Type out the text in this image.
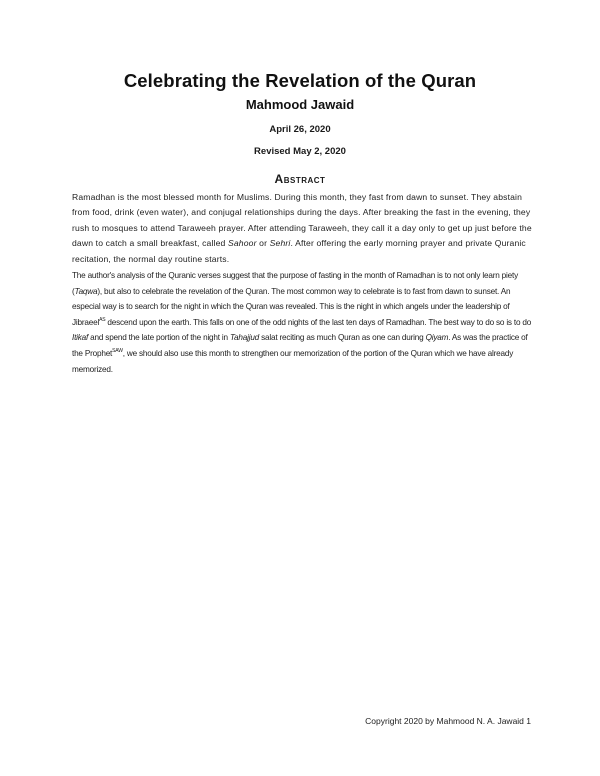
Celebrating the Revelation of the Quran
Mahmood Jawaid
April 26, 2020
Revised May 2, 2020
Abstract
Ramadhan is the most blessed month for Muslims. During this month, they fast from dawn to sunset. They abstain from food, drink (even water), and conjugal relationships during the days. After breaking the fast in the evening, they rush to mosques to attend Taraweeh prayer. After attending Taraweeh, they call it a day only to get up just before the dawn to catch a small breakfast, called Sahoor or Sehri. After offering the early morning prayer and private Quranic recitation, the normal day routine starts.
The author's analysis of the Quranic verses suggest that the purpose of fasting in the month of Ramadhan is to not only learn piety (Taqwa), but also to celebrate the revelation of the Quran. The most common way to celebrate is to fast from dawn to sunset. An especial way is to search for the night in which the Quran was revealed. This is the night in which angels under the leadership of Jibraeel$^{AS}$ descend upon the earth. This falls on one of the odd nights of the last ten days of Ramadhan. The best way to do so is to do Itikaf and spend the late portion of the night in Tahajjud salat reciting as much Quran as one can during Qiyam. As was the practice of the Prophet$^{SAW}$, we should also use this month to strengthen our memorization of the portion of the Quran which we have already memorized.
Copyright 2020 by Mahmood N. A. Jawaid 1
